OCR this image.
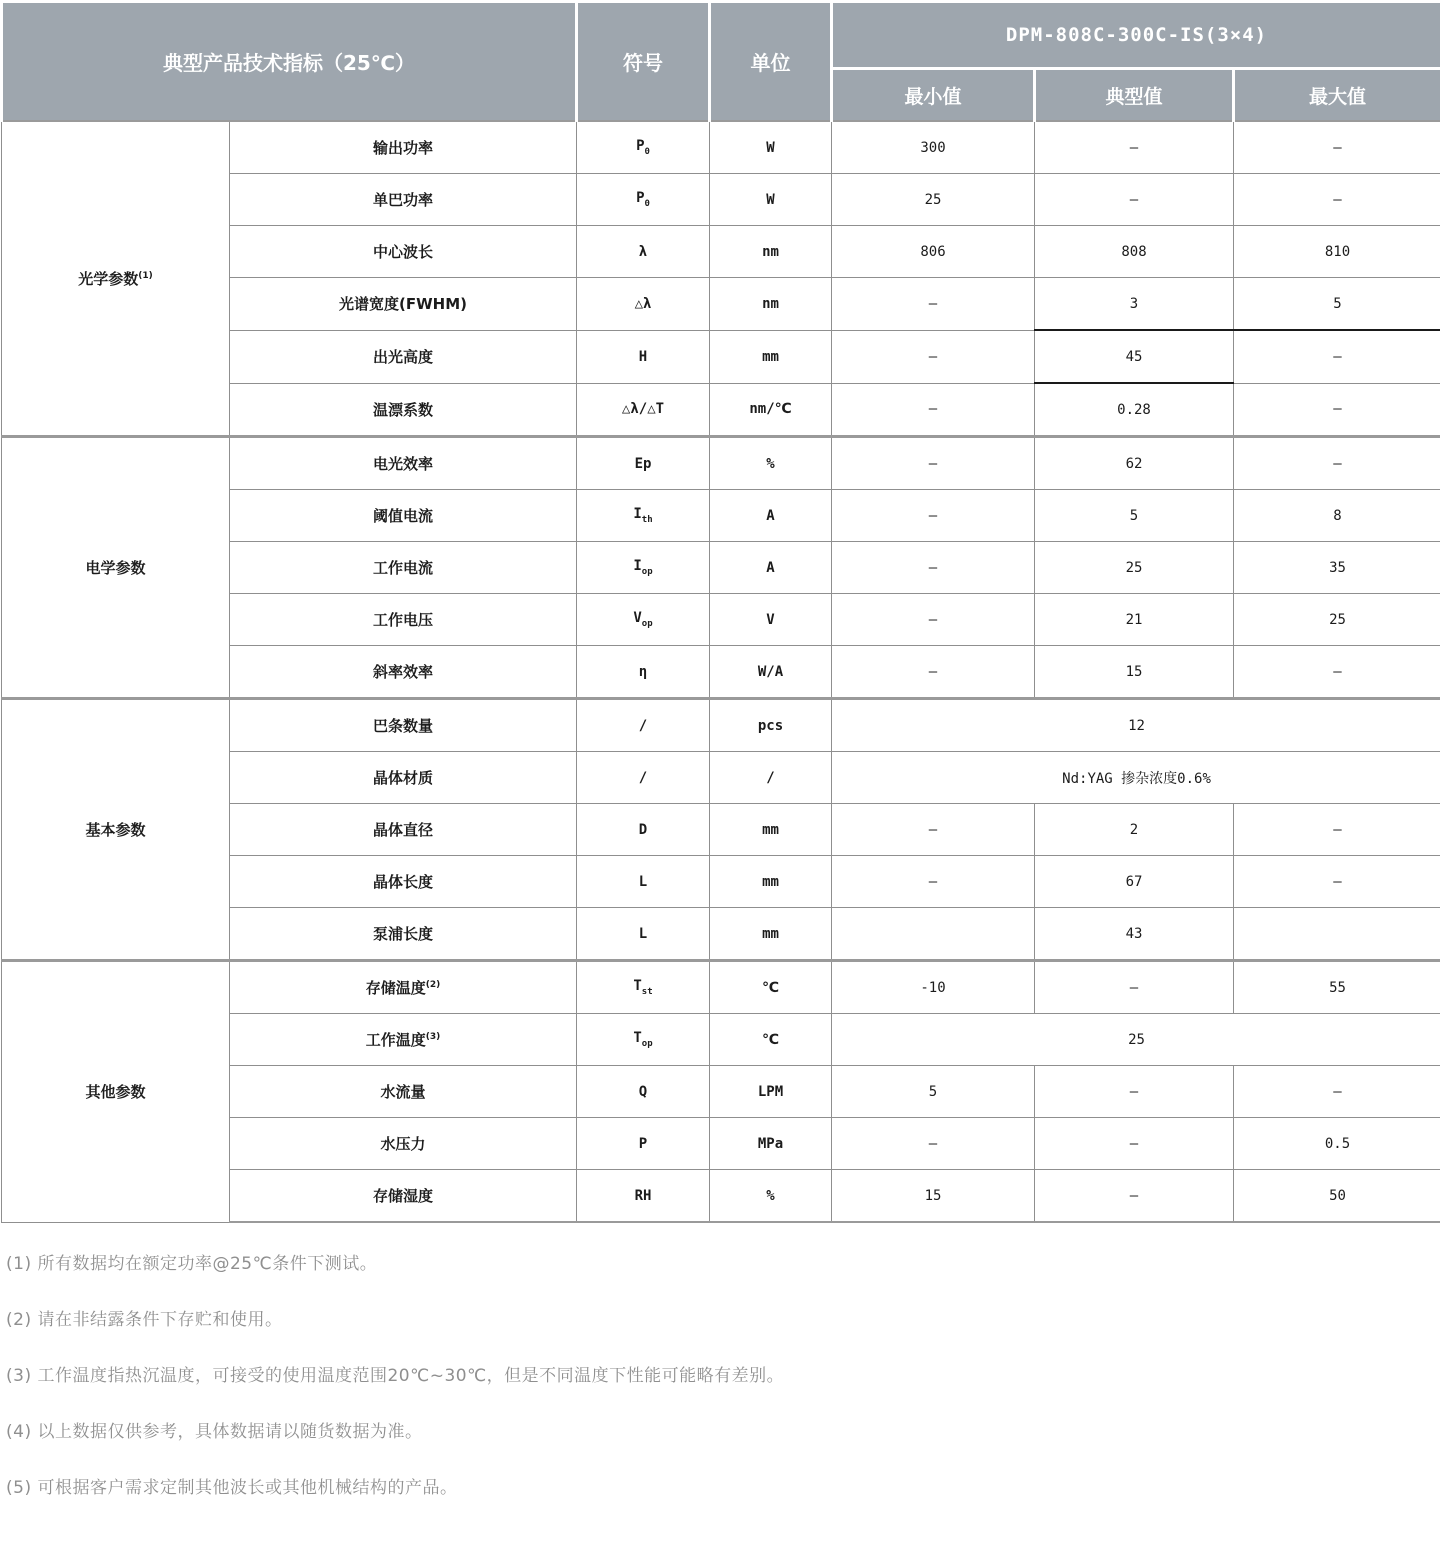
典型产品技术指标（25℃）		符号	单位	DPM-808C-300C-IS(3×4)		
				最小值	典型值	最大值
光学参数$^{(1)}$	输出功率	$P_0$	W	300	–	–
	单巴功率	$P_0$	W	25	–	–
	中心波长	λ	nm	806	808	810
	光谱宽度(FWHM)	△λ	nm	–	3	5
	出光高度	H	mm	–	45	–
	温漂系数	△λ/△T	nm/℃	–	0.28	–
电学参数	电光效率	Ep	%	–	62	–
	阈值电流	$I_{th}$	A	–	5	8
	工作电流	$I_{op}$	A	–	25	35
	工作电压	$V_{op}$	V	–	21	25
	斜率效率	η	W/A	–	15	–
基本参数	巴条数量	/	pcs	12		
	晶体材质	/	/	Nd:YAG 掺杂浓度0.6%		
	晶体直径	D	mm	–	2	–
	晶体长度	L	mm	–	67	–
	泵浦长度	L	mm		43	
其他参数	存储温度$^{(2)}$	$T_{st}$	℃	-10	–	55
	工作温度$^{(3)}$	$T_{op}$	℃	25		
	水流量	Q	LPM	5	–	–
	水压力	P	MPa	–	–	0.5
	存储湿度	RH	%	15	–	50

(1) 所有数据均在额定功率@25℃条件下测试。

(2) 请在非结露条件下存贮和使用。

(3) 工作温度指热沉温度，可接受的使用温度范围20℃~30℃，但是不同温度下性能可能略有差别。

(4) 以上数据仅供参考，具体数据请以随货数据为准。

(5) 可根据客户需求定制其他波长或其他机械结构的产品。
